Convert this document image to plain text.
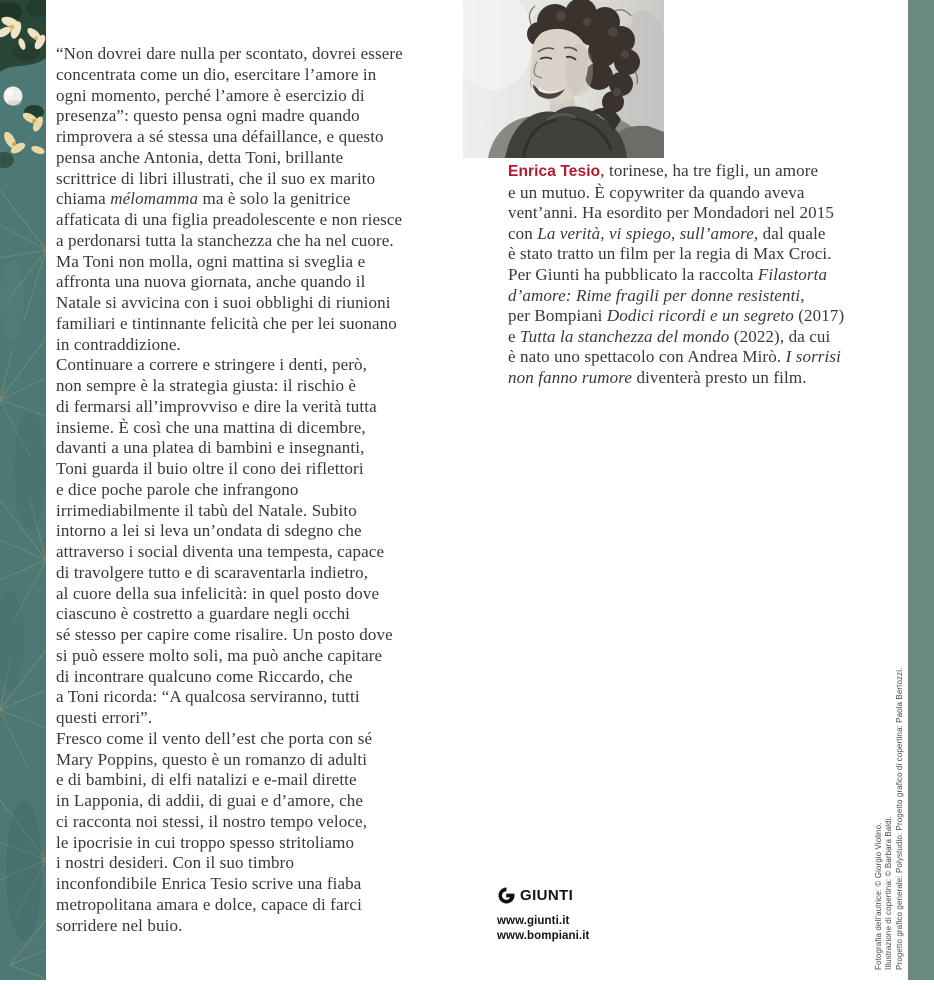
“Non dovrei dare nulla per scontato, dovrei essere
concentrata come un dio, esercitare l’amore in
ogni momento, perché l’amore è esercizio di
presenza”: questo pensa ogni madre quando
rimprovera a sé stessa una défaillance, e questo
pensa anche Antonia, detta Toni, brillante
scrittrice di libri illustrati, che il suo ex marito
chiama mélomamma ma è solo la genitrice
affaticata di una figlia preadolescente e non riesce
a perdonarsi tutta la stanchezza che ha nel cuore.
Ma Toni non molla, ogni mattina si sveglia e
affronta una nuova giornata, anche quando il
Natale si avvicina con i suoi obblighi di riunioni
familiari e tintinnante felicità che per lei suonano
in contraddizione.
Continuare a correre e stringere i denti, però,
non sempre è la strategia giusta: il rischio è
di fermarsi all’improvviso e dire la verità tutta
insieme. È così che una mattina di dicembre,
davanti a una platea di bambini e insegnanti,
Toni guarda il buio oltre il cono dei riflettori
e dice poche parole che infrangono
irrimediabilmente il tabù del Natale. Subito
intorno a lei si leva un’ondata di sdegno che
attraverso i social diventa una tempesta, capace
di travolgere tutto e di scaraventarla indietro,
al cuore della sua infelicità: in quel posto dove
ciascuno è costretto a guardare negli occhi
sé stesso per capire come risalire. Un posto dove
si può essere molto soli, ma può anche capitare
di incontrare qualcuno come Riccardo, che
a Toni ricorda: “A qualcosa serviranno, tutti
questi errori”.
Fresco come il vento dell’est che porta con sé
Mary Poppins, questo è un romanzo di adulti
e di bambini, di elfi natalizi e e-mail dirette
in Lapponia, di addii, di guai e d’amore, che
ci racconta noi stessi, il nostro tempo veloce,
le ipocrisie in cui troppo spesso stritoliamo
i nostri desideri. Con il suo timbro
inconfondibile Enrica Tesio scrive una fiaba
metropolitana amara e dolce, capace di farci
sorridere nel buio.
Enrica Tesio, torinese, ha tre figli, un amore
e un mutuo. È copywriter da quando aveva
vent’anni. Ha esordito per Mondadori nel 2015
con La verità, vi spiego, sull’amore, dal quale
è stato tratto un film per la regia di Max Croci.
Per Giunti ha pubblicato la raccolta Filastorta
d’amore: Rime fragili per donne resistenti,
per Bompiani Dodici ricordi e un segreto (2017)
e Tutta la stanchezza del mondo (2022), da cui
è nato uno spettacolo con Andrea Mirò. I sorrisi
non fanno rumore diventerà presto un film.
GIUNTI
www.giunti.it
www.bompiani.it	Fotografia dell’autrice: © Giorgio Violino. Illustrazione di copertina: © Barbara Baldi. Progetto grafico generale: Polystudio. Progetto grafico di copertina: Paola Bertozzi.
